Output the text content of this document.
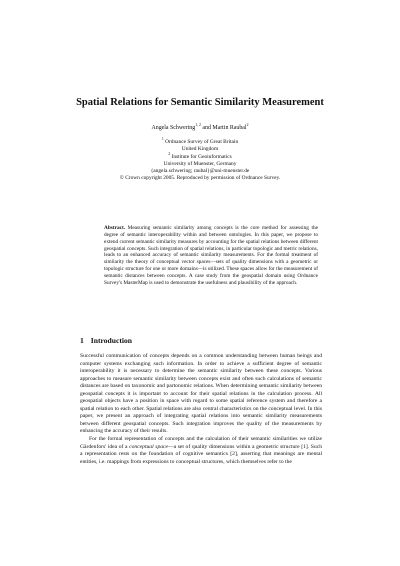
Spatial Relations for Semantic Similarity Measurement
Angela Schwering$^{1, 2}$ and Martin Raubal$^2$
$^1$ Ordnance Survey of Great Britain
United Kingdom
$^2$ Institute for Geoinformatics
University of Muenster, Germany
{angela.schwering; raubal}@uni-muenster.de
© Crown copyright 2005. Reproduced by permission of Ordnance Survey.

Abstract. Measuring semantic similarity among concepts is the core method for assessing the degree of semantic interoperability within and between ontologies. In this paper, we propose to extend current semantic similarity measures by accounting for the spatial relations between different geospatial concepts. Such integration of spatial relations, in particular topologic and metric relations, leads to an enhanced accuracy of semantic similarity measurements. For the formal treatment of similarity the theory of conceptual vector spaces—sets of quality dimensions with a geometric or topologic structure for one or more domains—is utilized. These spaces allow for the measurement of semantic distances between concepts. A case study from the geospatial domain using Ordnance Survey's MasterMap is used to demonstrate the usefulness and plausibility of the approach.

1 Introduction

Successful communication of concepts depends on a common understanding between human beings and computer systems exchanging such information. In order to achieve a sufficient degree of semantic interoperability it is necessary to determine the semantic similarity between these concepts. Various approaches to measure semantic similarity between concepts exist and often such calculations of semantic distances are based on taxonomic and partonomic relations. When determining semantic similarity between geospatial concepts it is important to account for their spatial relations in the calculation process. All geospatial objects have a position in space with regard to some spatial reference system and therefore a spatial relation to each other. Spatial relations are also central characteristics on the conceptual level. In this paper, we present an approach of integrating spatial relations into semantic similarity measurements between different geospatial concepts. Such integration improves the quality of the measurements by enhancing the accuracy of their results.

For the formal representation of concepts and the calculation of their semantic similarities we utilize Gärdenfors' idea of a conceptual space—a set of quality dimensions within a geometric structure [1]. Such a representation rests on the foundation of cognitive semantics [2], asserting that meanings are mental entities, i.e. mappings from expressions to conceptual structures, which themselves refer to the
